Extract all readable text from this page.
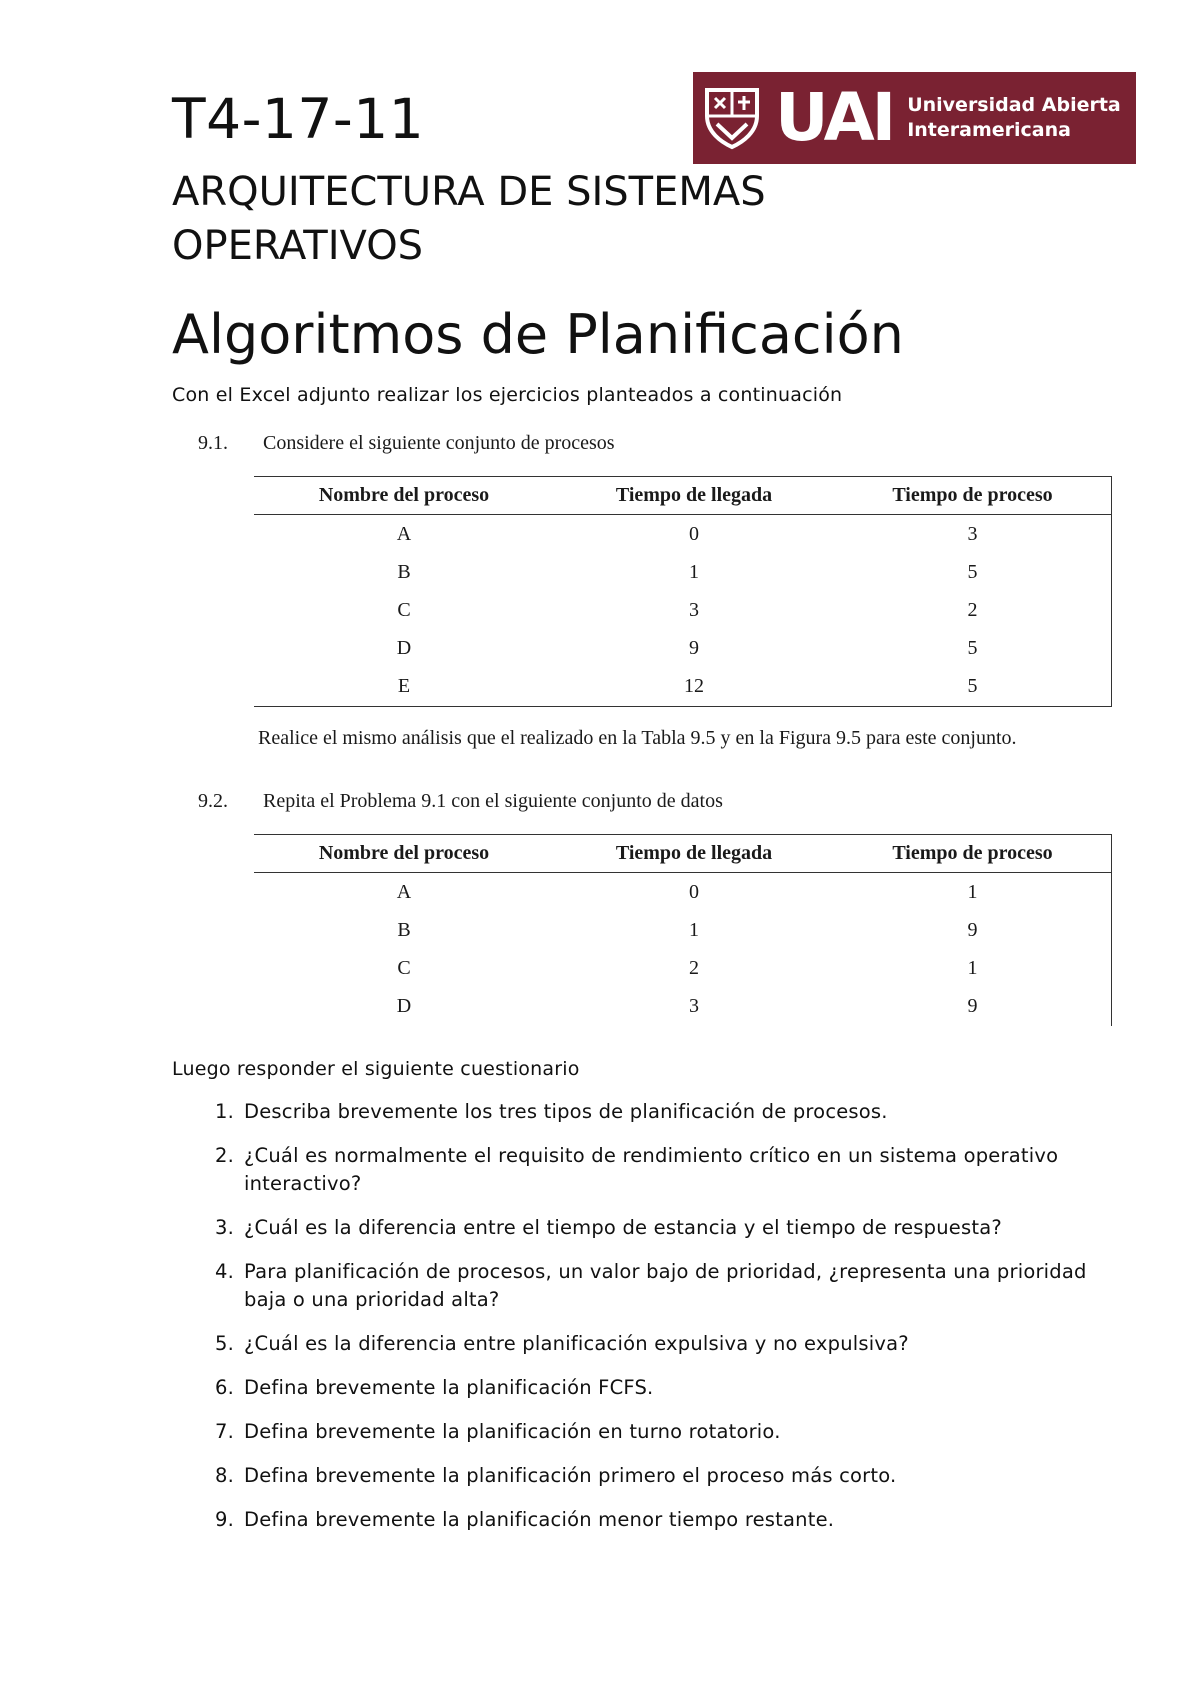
T4-17-11
ARQUITECTURA DE SISTEMAS OPERATIVOS
UAI Universidad Abierta
Interamericana
Algoritmos de Planificación
Con el Excel adjunto realizar los ejercicios planteados a continuación
9.1. Considere el siguiente conjunto de procesos
Nombre del proceso	Tiempo de llegada	Tiempo de proceso
A	0	3
B	1	5
C	3	2
D	9	5
E	12	5
Realice el mismo análisis que el realizado en la Tabla 9.5 y en la Figura 9.5 para este conjunto.
9.2. Repita el Problema 9.1 con el siguiente conjunto de datos
Nombre del proceso	Tiempo de llegada	Tiempo de proceso
A	0	1
B	1	9
C	2	1
D	3	9
Luego responder el siguiente cuestionario
1. Describa brevemente los tres tipos de planificación de procesos.
2. ¿Cuál es normalmente el requisito de rendimiento crítico en un sistema operativo interactivo?
3. ¿Cuál es la diferencia entre el tiempo de estancia y el tiempo de respuesta?
4. Para planificación de procesos, un valor bajo de prioridad, ¿representa una prioridad baja o una prioridad alta?
5. ¿Cuál es la diferencia entre planificación expulsiva y no expulsiva?
6. Defina brevemente la planificación FCFS.
7. Defina brevemente la planificación en turno rotatorio.
8. Defina brevemente la planificación primero el proceso más corto.
9. Defina brevemente la planificación menor tiempo restante.
